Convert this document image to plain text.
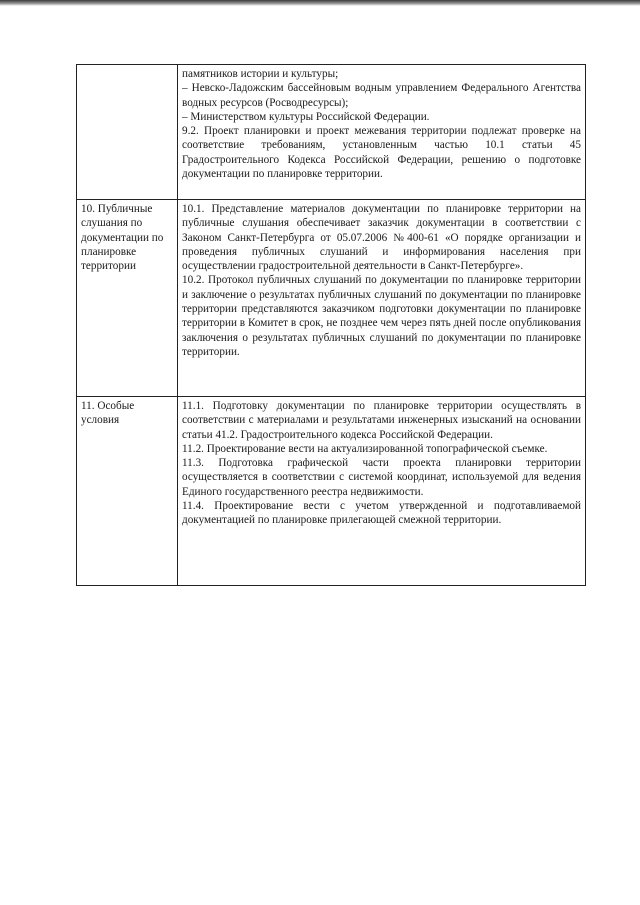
	памятников истории и культуры;

– Невско-Ладожским бассейновым водным управлением Федерального Агентства водных ресурсов (Росводресурсы);

– Министерством культуры Российской Федерации.

9.2. Проект планировки и проект межевания территории подлежат проверке на соответствие требованиям, установленным частью 10.1 статьи 45 Градостроительного Кодекса Российской Федерации, решению о подготовке документации по планировке территории.

10. Публичные слушания по документации по планировке территории	10.1. Представление материалов документации по планировке территории на публичные слушания обеспечивает заказчик документации в соответствии с Законом Санкт-Петербурга от 05.07.2006 №400-61 «О порядке организации и проведения публичных слушаний и информирования населения при осуществлении градостроительной деятельности в Санкт-Петербурге».

10.2. Протокол публичных слушаний по документации по планировке территории и заключение о результатах публичных слушаний по документации по планировке территории представляются заказчиком подготовки документации по планировке территории в Комитет в срок, не позднее чем через пять дней после опубликования заключения о результатах публичных слушаний по документации по планировке территории.

11. Особые условия	11.1. Подготовку документации по планировке территории осуществлять в соответствии с материалами и результатами инженерных изысканий на основании статьи 41.2. Градостроительного кодекса Российской Федерации.

11.2. Проектирование вести на актуализированной топографической съемке.

11.3. Подготовка графической части проекта планировки территории осуществляется в соответствии с системой координат, используемой для ведения Единого государственного реестра недвижимости.

11.4. Проектирование вести с учетом утвержденной и подготавливаемой документацией по планировке прилегающей смежной территории.
